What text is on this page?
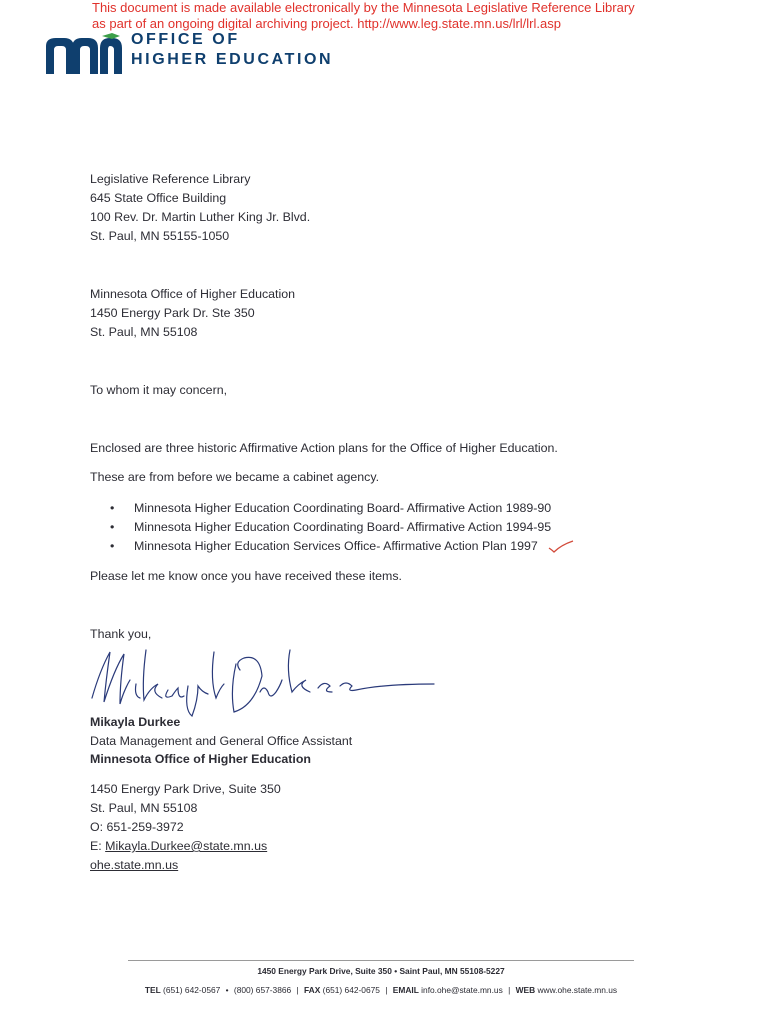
This document is made available electronically by the Minnesota Legislative Reference Library
as part of an ongoing digital archiving project. http://www.leg.state.mn.us/lrl/lrl.asp
OFFICE OF
HIGHER EDUCATION
Legislative Reference Library
645 State Office Building
100 Rev. Dr. Martin Luther King Jr. Blvd.
St. Paul, MN 55155-1050
Minnesota Office of Higher Education
1450 Energy Park Dr. Ste 350
St. Paul, MN 55108
To whom it may concern,
Enclosed are three historic Affirmative Action plans for the Office of Higher Education.
These are from before we became a cabinet agency.
• Minnesota Higher Education Coordinating Board- Affirmative Action 1989-90
• Minnesota Higher Education Coordinating Board- Affirmative Action 1994-95
• Minnesota Higher Education Services Office- Affirmative Action Plan 1997
Please let me know once you have received these items.
Thank you,
Mikayla Durkee
Data Management and General Office Assistant
Minnesota Office of Higher Education
1450 Energy Park Drive, Suite 350
St. Paul, MN 55108
O: 651-259-3972
E: Mikayla.Durkee@state.mn.us
ohe.state.mn.us
1450 Energy Park Drive, Suite 350 • Saint Paul, MN 55108-5227
TEL (651) 642-0567 • (800) 657-3866 | FAX (651) 642-0675 | EMAIL info.ohe@state.mn.us | WEB www.ohe.state.mn.us
